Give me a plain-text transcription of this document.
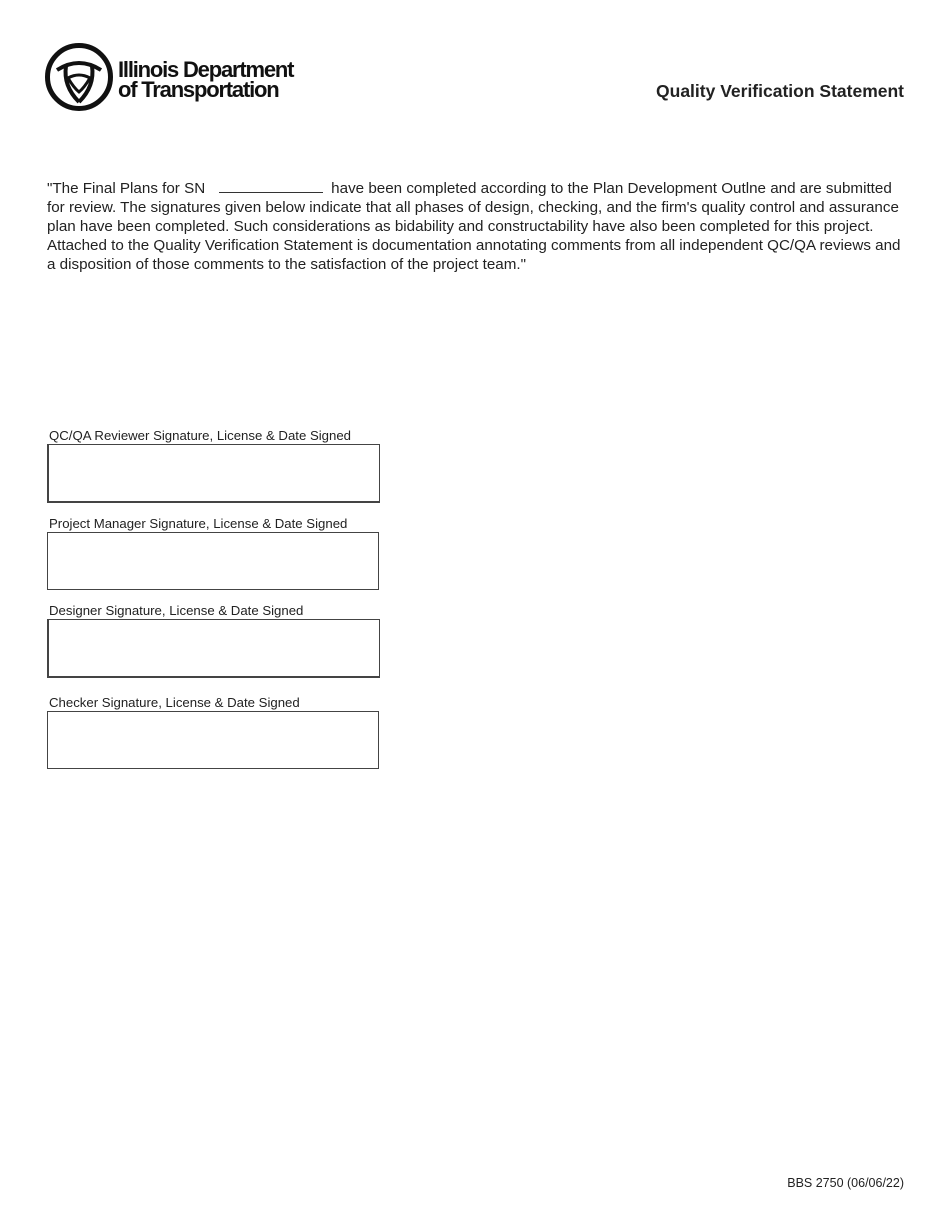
Illinois Department
of Transportation	Quality Verification Statement
"The Final Plans for SN	have been completed according to the Plan Development Outlne and are submitted for review. The signatures given below indicate that all phases of design, checking, and the firm's quality control and assurance plan have been completed. Such considerations as bidability and constructability have also been completed for this project. Attached to the Quality Verification Statement is documentation annotating comments from all independent QC/QA reviews and a disposition of those comments to the satisfaction of the project team."
QC/QA Reviewer Signature, License & Date Signed
Project Manager Signature, License & Date Signed
Designer Signature, License & Date Signed
Checker Signature, License & Date Signed
BBS 2750 (06/06/22)
